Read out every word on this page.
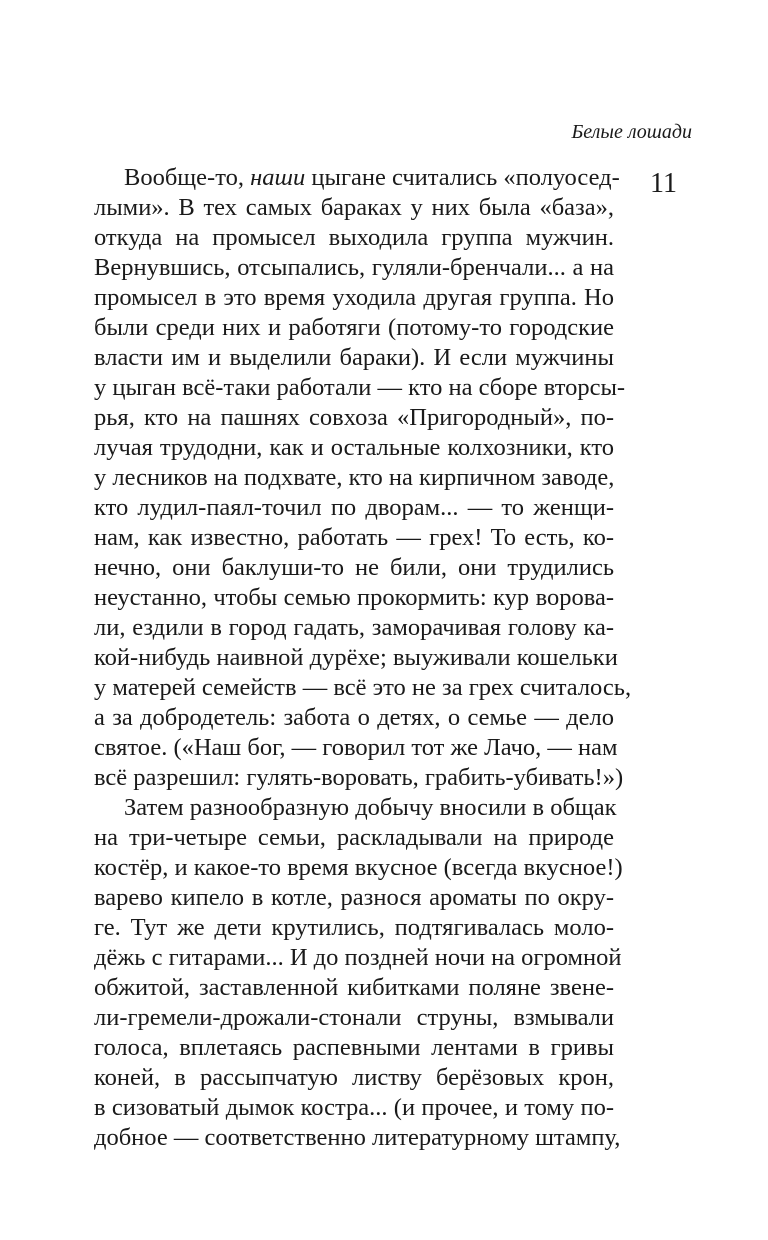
Белые лошади
11
Вообще-то, наши цыгане считались «полуосед-
лыми». В тех самых бараках у них была «база»,
откуда на промысел выходила группа мужчин.
Вернувшись, отсыпались, гуляли-бренчали... а на
промысел в это время уходила другая группа. Но
были среди них и работяги (потому-то городские
власти им и выделили бараки). И если мужчины
у цыган всё-таки работали — кто на сборе вторсы-
рья, кто на пашнях совхоза «Пригородный», по-
лучая трудодни, как и остальные колхозники, кто
у лесников на подхвате, кто на кирпичном заводе,
кто лудил-паял-точил по дворам... — то женщи-
нам, как известно, работать — грех! То есть, ко-
нечно, они баклуши-то не били, они трудились
неустанно, чтобы семью прокормить: кур ворова-
ли, ездили в город гадать, заморачивая голову ка-
кой-нибудь наивной дурёхе; выуживали кошельки
у матерей семейств — всё это не за грех считалось,
а за добродетель: забота о детях, о семье — дело
святое. («Наш бог, — говорил тот же Лачо, — нам
всё разрешил: гулять-воровать, грабить-убивать!»)
Затем разнообразную добычу вносили в общак
на три-четыре семьи, раскладывали на природе
костёр, и какое-то время вкусное (всегда вкусное!)
варево кипело в котле, разнося ароматы по окру-
ге. Тут же дети крутились, подтягивалась моло-
дёжь с гитарами... И до поздней ночи на огромной
обжитой, заставленной кибитками поляне звене-
ли-гремели-дрожали-стонали струны, взмывали
голоса, вплетаясь распевными лентами в гривы
коней, в рассыпчатую листву берёзовых крон,
в сизоватый дымок костра... (и прочее, и тому по-
добное — соответственно литературному штампу,
